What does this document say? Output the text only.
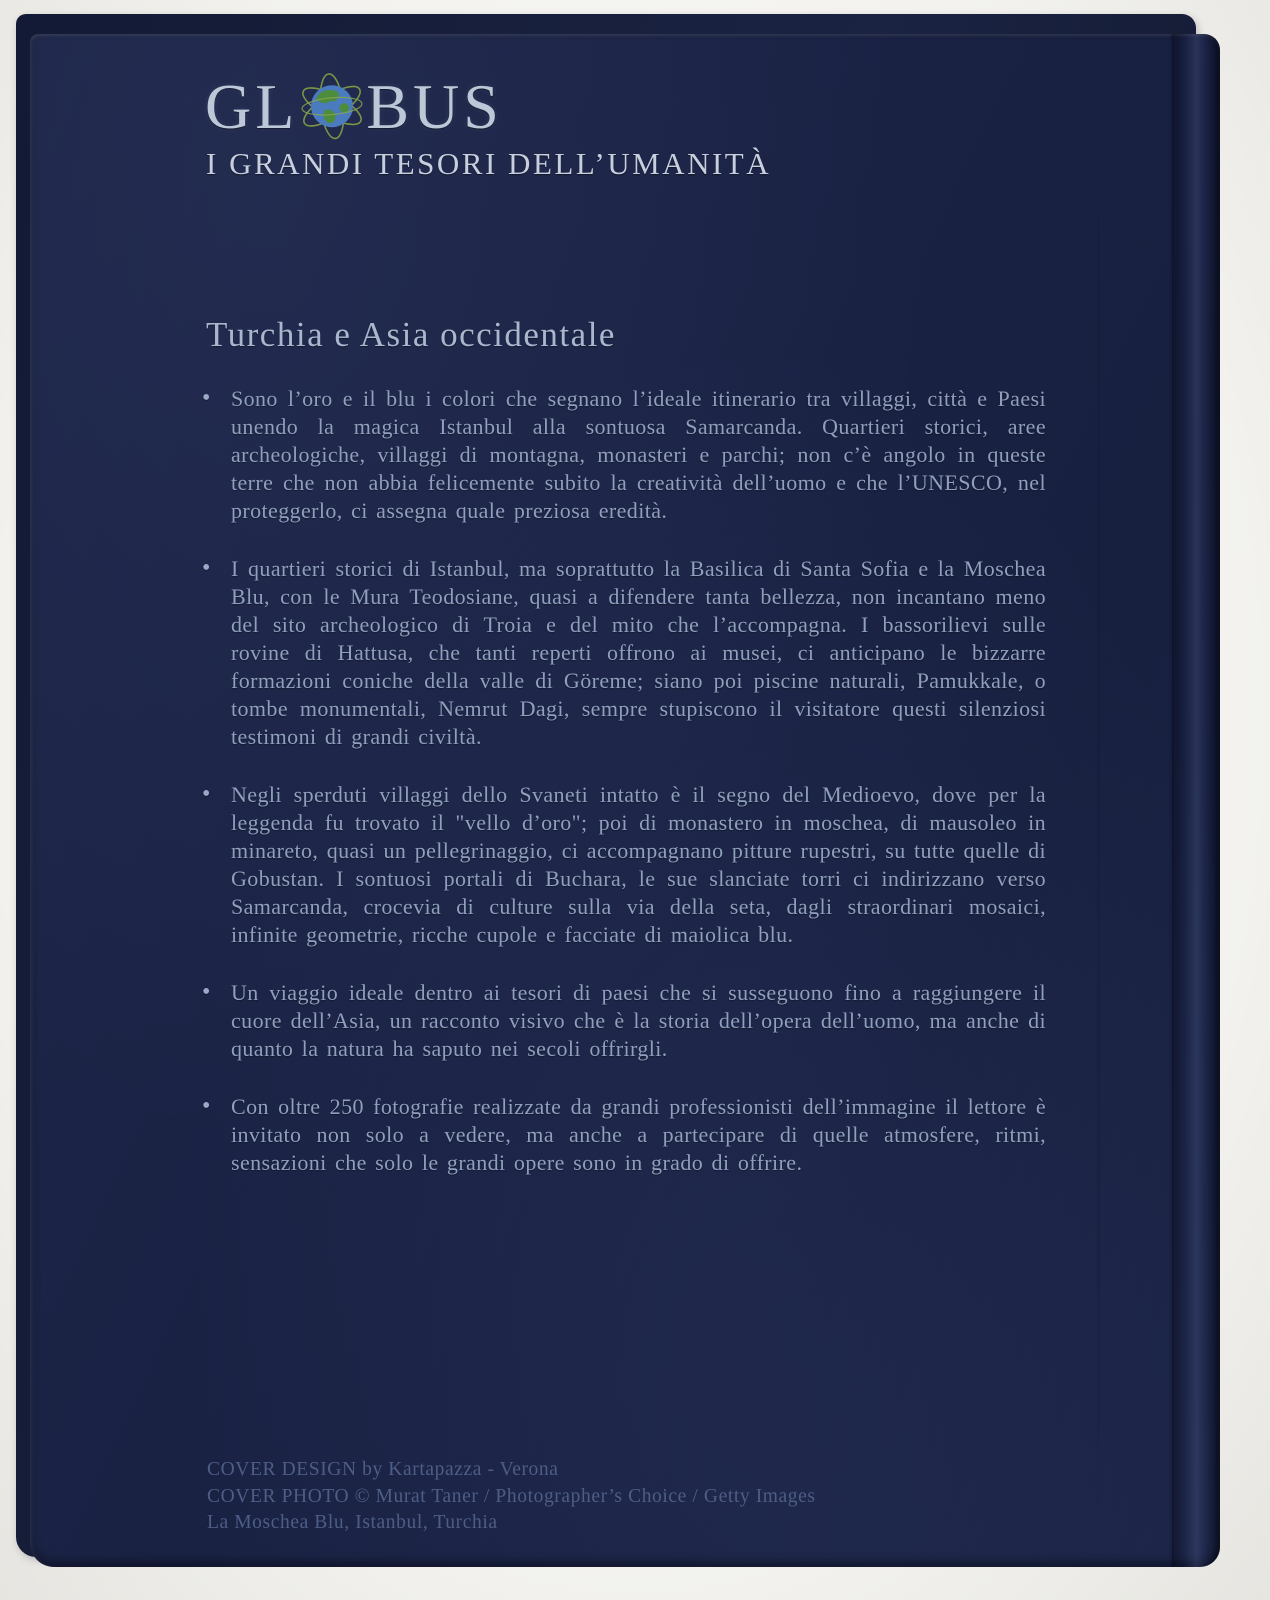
GL BUS
I GRANDI TESORI DELL’UMANITÀ
Turchia e Asia occidentale
• Sono l’oro e il blu i colori che segnano l’ideale itinerario tra villaggi, città e Paesi unendo la magica Istanbul alla sontuosa Samarcanda. Quartieri storici, aree archeologiche, villaggi di montagna, monasteri e parchi; non c’è angolo in queste terre che non abbia felicemente subito la creatività dell’uomo e che l’UNESCO, nel proteggerlo, ci assegna quale preziosa eredità.
• I quartieri storici di Istanbul, ma soprattutto la Basilica di Santa Sofia e la Moschea Blu, con le Mura Teodosiane, quasi a difendere tanta bellezza, non incantano meno del sito archeologico di Troia e del mito che l’accompagna. I bassorilievi sulle rovine di Hattusa, che tanti reperti offrono ai musei, ci anticipano le bizzarre formazioni coniche della valle di Göreme; siano poi piscine naturali, Pamukkale, o tombe monumentali, Nemrut Dagi, sempre stupiscono il visitatore questi silenziosi testimoni di grandi civiltà.
• Negli sperduti villaggi dello Svaneti intatto è il segno del Medioevo, dove per la leggenda fu trovato il "vello d’oro"; poi di monastero in moschea, di mausoleo in minareto, quasi un pellegrinaggio, ci accompagnano pitture rupestri, su tutte quelle di Gobustan. I sontuosi portali di Buchara, le sue slanciate torri ci indirizzano verso Samarcanda, crocevia di culture sulla via della seta, dagli straordinari mosaici, infinite geometrie, ricche cupole e facciate di maiolica blu.
• Un viaggio ideale dentro ai tesori di paesi che si susseguono fino a raggiungere il cuore dell’Asia, un racconto visivo che è la storia dell’opera dell’uomo, ma anche di quanto la natura ha saputo nei secoli offrirgli.
• Con oltre 250 fotografie realizzate da grandi professionisti dell’immagine il lettore è invitato non solo a vedere, ma anche a partecipare di quelle atmosfere, ritmi, sensazioni che solo le grandi opere sono in grado di offrire.
COVER DESIGN by Kartapazza - Verona
COVER PHOTO © Murat Taner / Photographer’s Choice / Getty Images
La Moschea Blu, Istanbul, Turchia
